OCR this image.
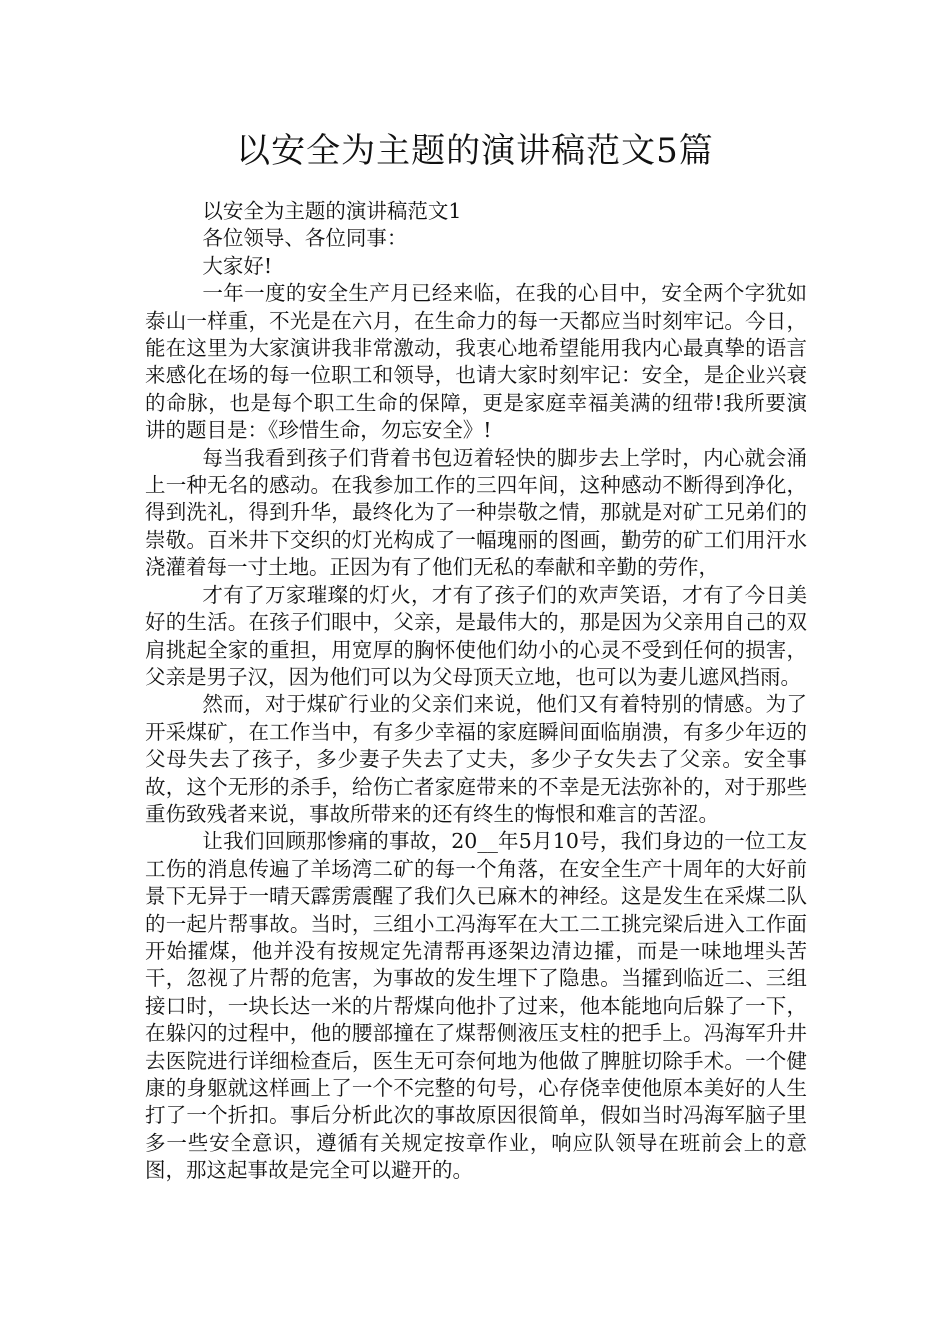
以安全为主题的演讲稿范文5篇

以安全为主题的演讲稿范文1

各位领导、各位同事：

大家好!

一年一度的安全生产月已经来临，在我的心目中，安全两个字犹如泰山一样重，不光是在六月，在生命力的每一天都应当时刻牢记。今日，能在这里为大家演讲我非常激动，我衷心地希望能用我内心最真挚的语言来感化在场的每一位职工和领导，也请大家时刻牢记：安全，是企业兴衰的命脉，也是每个职工生命的保障，更是家庭幸福美满的纽带!我所要演讲的题目是：《珍惜生命，勿忘安全》!

每当我看到孩子们背着书包迈着轻快的脚步去上学时，内心就会涌上一种无名的感动。在我参加工作的三四年间，这种感动不断得到净化，得到洗礼，得到升华，最终化为了一种崇敬之情，那就是对矿工兄弟们的崇敬。百米井下交织的灯光构成了一幅瑰丽的图画，勤劳的矿工们用汗水浇灌着每一寸土地。正因为有了他们无私的奉献和辛勤的劳作，

才有了万家璀璨的灯火，才有了孩子们的欢声笑语，才有了今日美好的生活。在孩子们眼中，父亲，是最伟大的，那是因为父亲用自己的双肩挑起全家的重担，用宽厚的胸怀使他们幼小的心灵不受到任何的损害，父亲是男子汉，因为他们可以为父母顶天立地，也可以为妻儿遮风挡雨。

然而，对于煤矿行业的父亲们来说，他们又有着特别的情感。为了开采煤矿，在工作当中，有多少幸福的家庭瞬间面临崩溃，有多少年迈的父母失去了孩子，多少妻子失去了丈夫，多少子女失去了父亲。安全事故，这个无形的杀手，给伤亡者家庭带来的不幸是无法弥补的，对于那些重伤致残者来说，事故所带来的还有终生的悔恨和难言的苦涩。

让我们回顾那惨痛的事故，20__年5月10号，我们身边的一位工友工伤的消息传遍了羊场湾二矿的每一个角落，在安全生产十周年的大好前景下无异于一晴天霹雳震醒了我们久已麻木的神经。这是发生在采煤二队的一起片帮事故。当时，三组小工冯海军在大工二工挑完梁后进入工作面开始攉煤，他并没有按规定先清帮再逐架边清边攉，而是一味地埋头苦干，忽视了片帮的危害，为事故的发生埋下了隐患。当攉到临近二、三组接口时，一块长达一米的片帮煤向他扑了过来，他本能地向后躲了一下，在躲闪的过程中，他的腰部撞在了煤帮侧液压支柱的把手上。冯海军升井去医院进行详细检查后，医生无可奈何地为他做了脾脏切除手术。一个健康的身躯就这样画上了一个不完整的句号，心存侥幸使他原本美好的人生打了一个折扣。事后分析此次的事故原因很简单，假如当时冯海军脑子里多一些安全意识，遵循有关规定按章作业，响应队领导在班前会上的意图，那这起事故是完全可以避开的。
